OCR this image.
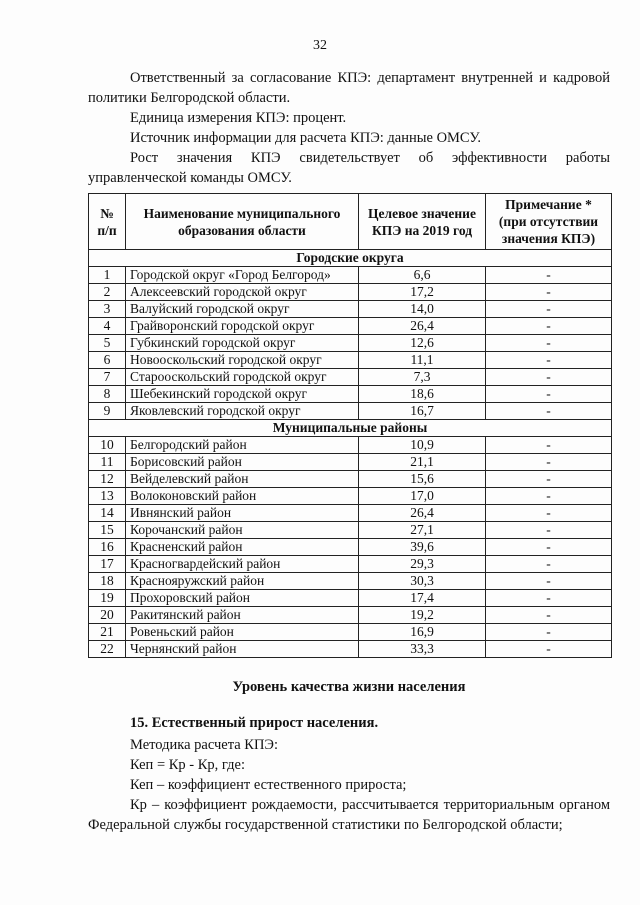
32
Ответственный за согласование КПЭ: департамент внутренней и кадровой политики Белгородской области.
Единица измерения КПЭ: процент.
Источник информации для расчета КПЭ: данные ОМСУ.
Рост значения КПЭ свидетельствует об эффективности работы управленческой команды ОМСУ.
№ п/п	Наименование муниципального образования области	Целевое значение КПЭ на 2019 год	Примечание * (при отсутствии значения КПЭ)
Городские округа			
1	Городской округ «Город Белгород»	6,6	-
2	Алексеевский городской округ	17,2	-
3	Валуйский городской округ	14,0	-
4	Грайворонский городской округ	26,4	-
5	Губкинский городской округ	12,6	-
6	Новооскольский городской округ	11,1	-
7	Старооскольский городской округ	7,3	-
8	Шебекинский городской округ	18,6	-
9	Яковлевский городской округ	16,7	-
Муниципальные районы			
10	Белгородский район	10,9	-
11	Борисовский район	21,1	-
12	Вейделевский район	15,6	-
13	Волоконовский район	17,0	-
14	Ивнянский район	26,4	-
15	Корочанский район	27,1	-
16	Красненский район	39,6	-
17	Красногвардейский район	29,3	-
18	Краснояружский район	30,3	-
19	Прохоровский район	17,4	-
20	Ракитянский район	19,2	-
21	Ровеньский район	16,9	-
22	Чернянский район	33,3	-
Уровень качества жизни населения
15. Естественный прирост населения.
Методика расчета КПЭ:
Кеп = Кр - Кр, где:
Кеп – коэффициент естественного прироста;
Кр – коэффициент рождаемости, рассчитывается территориальным органом Федеральной службы государственной статистики по Белгородской области;
